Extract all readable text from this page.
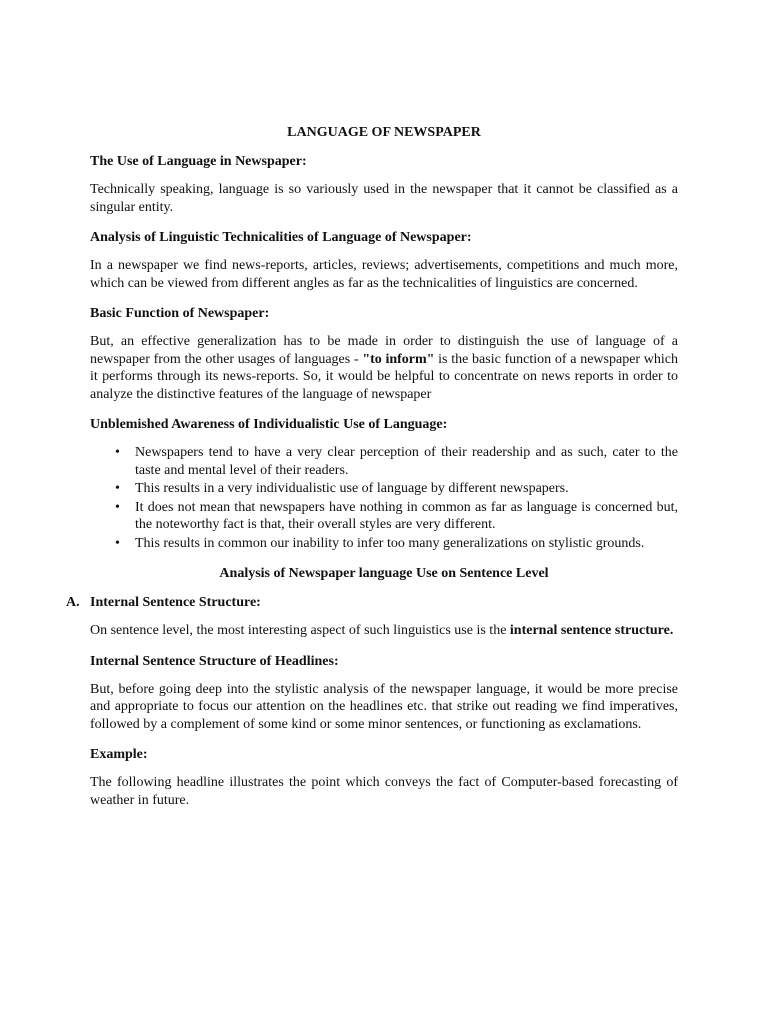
LANGUAGE OF NEWSPAPER
The Use of Language in Newspaper:

Technically speaking, language is so variously used in the newspaper that it cannot be classified as a singular entity.

Analysis of Linguistic Technicalities of Language of Newspaper:

In a newspaper we find news-reports, articles, reviews; advertisements, competitions and much more, which can be viewed from different angles as far as the technicalities of linguistics are concerned.

Basic Function of Newspaper:

But, an effective generalization has to be made in order to distinguish the use of language of a newspaper from the other usages of languages - "to inform" is the basic function of a newspaper which it performs through its news-reports. So, it would be helpful to concentrate on news reports in order to analyze the distinctive features of the language of newspaper

Unblemished Awareness of Individualistic Use of Language:
• Newspapers tend to have a very clear perception of their readership and as such, cater to the taste and mental level of their readers.
• This results in a very individualistic use of language by different newspapers.
• It does not mean that newspapers have nothing in common as far as language is concerned but, the noteworthy fact is that, their overall styles are very different.
• This results in common our inability to infer too many generalizations on stylistic grounds.
Analysis of Newspaper language Use on Sentence Level
A. Internal Sentence Structure:

On sentence level, the most interesting aspect of such linguistics use is the internal sentence structure.

Internal Sentence Structure of Headlines:

But, before going deep into the stylistic analysis of the newspaper language, it would be more precise and appropriate to focus our attention on the headlines etc. that strike out reading we find imperatives, followed by a complement of some kind or some minor sentences, or functioning as exclamations.

Example:

The following headline illustrates the point which conveys the fact of Computer-based forecasting of weather in future.
